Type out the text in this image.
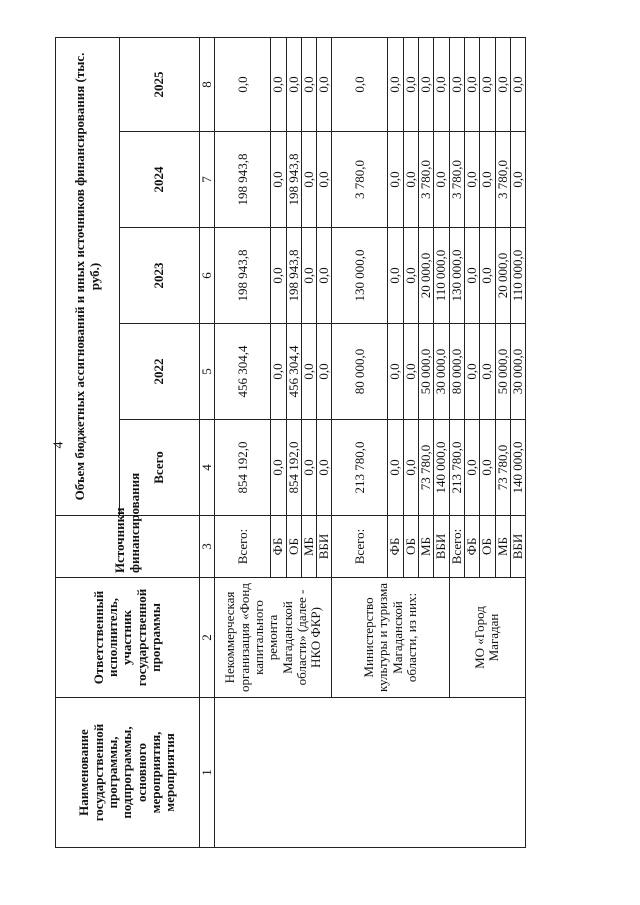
4
Наименование государственной программы, подпрограммы, основного мероприятия, мероприятия	Ответственный исполнитель, участник государственной программы	Источники финансирования	Объем бюджетных ассигнований и иных источников финансирования (тыс. руб.)				
			Всего	2022	2023	2024	2025
1	2	3	4	5	6	7	8
	Некоммерческая организация «Фонд капитального ремонта Магаданской области» (далее - НКО ФКР)	Всего:	854 192,0	456 304,4	198 943,8	198 943,8	0,0
		ФБ	0,0	0,0	0,0	0,0	0,0
		ОБ	854 192,0	456 304,4	198 943,8	198 943,8	0,0
		МБ	0,0	0,0	0,0	0,0	0,0
		ВБИ	0,0	0,0	0,0	0,0	0,0
	Министерство культуры и туризма Магаданской области, из них:	Всего:	213 780,0	80 000,0	130 000,0	3 780,0	0,0
		ФБ	0,0	0,0	0,0	0,0	0,0
		ОБ	0,0	0,0	0,0	0,0	0,0
		МБ	73 780,0	50 000,0	20 000,0	3 780,0	0,0
		ВБИ	140 000,0	30 000,0	110 000,0	0,0	0,0
	МО «Город Магадан	Всего:	213 780,0	80 000,0	130 000,0	3 780,0	0,0
		ФБ	0,0	0,0	0,0	0,0	0,0
		ОБ	0,0	0,0	0,0	0,0	0,0
		МБ	73 780,0	50 000,0	20 000,0	3 780,0	0,0
		ВБИ	140 000,0	30 000,0	110 000,0	0,0	0,0
